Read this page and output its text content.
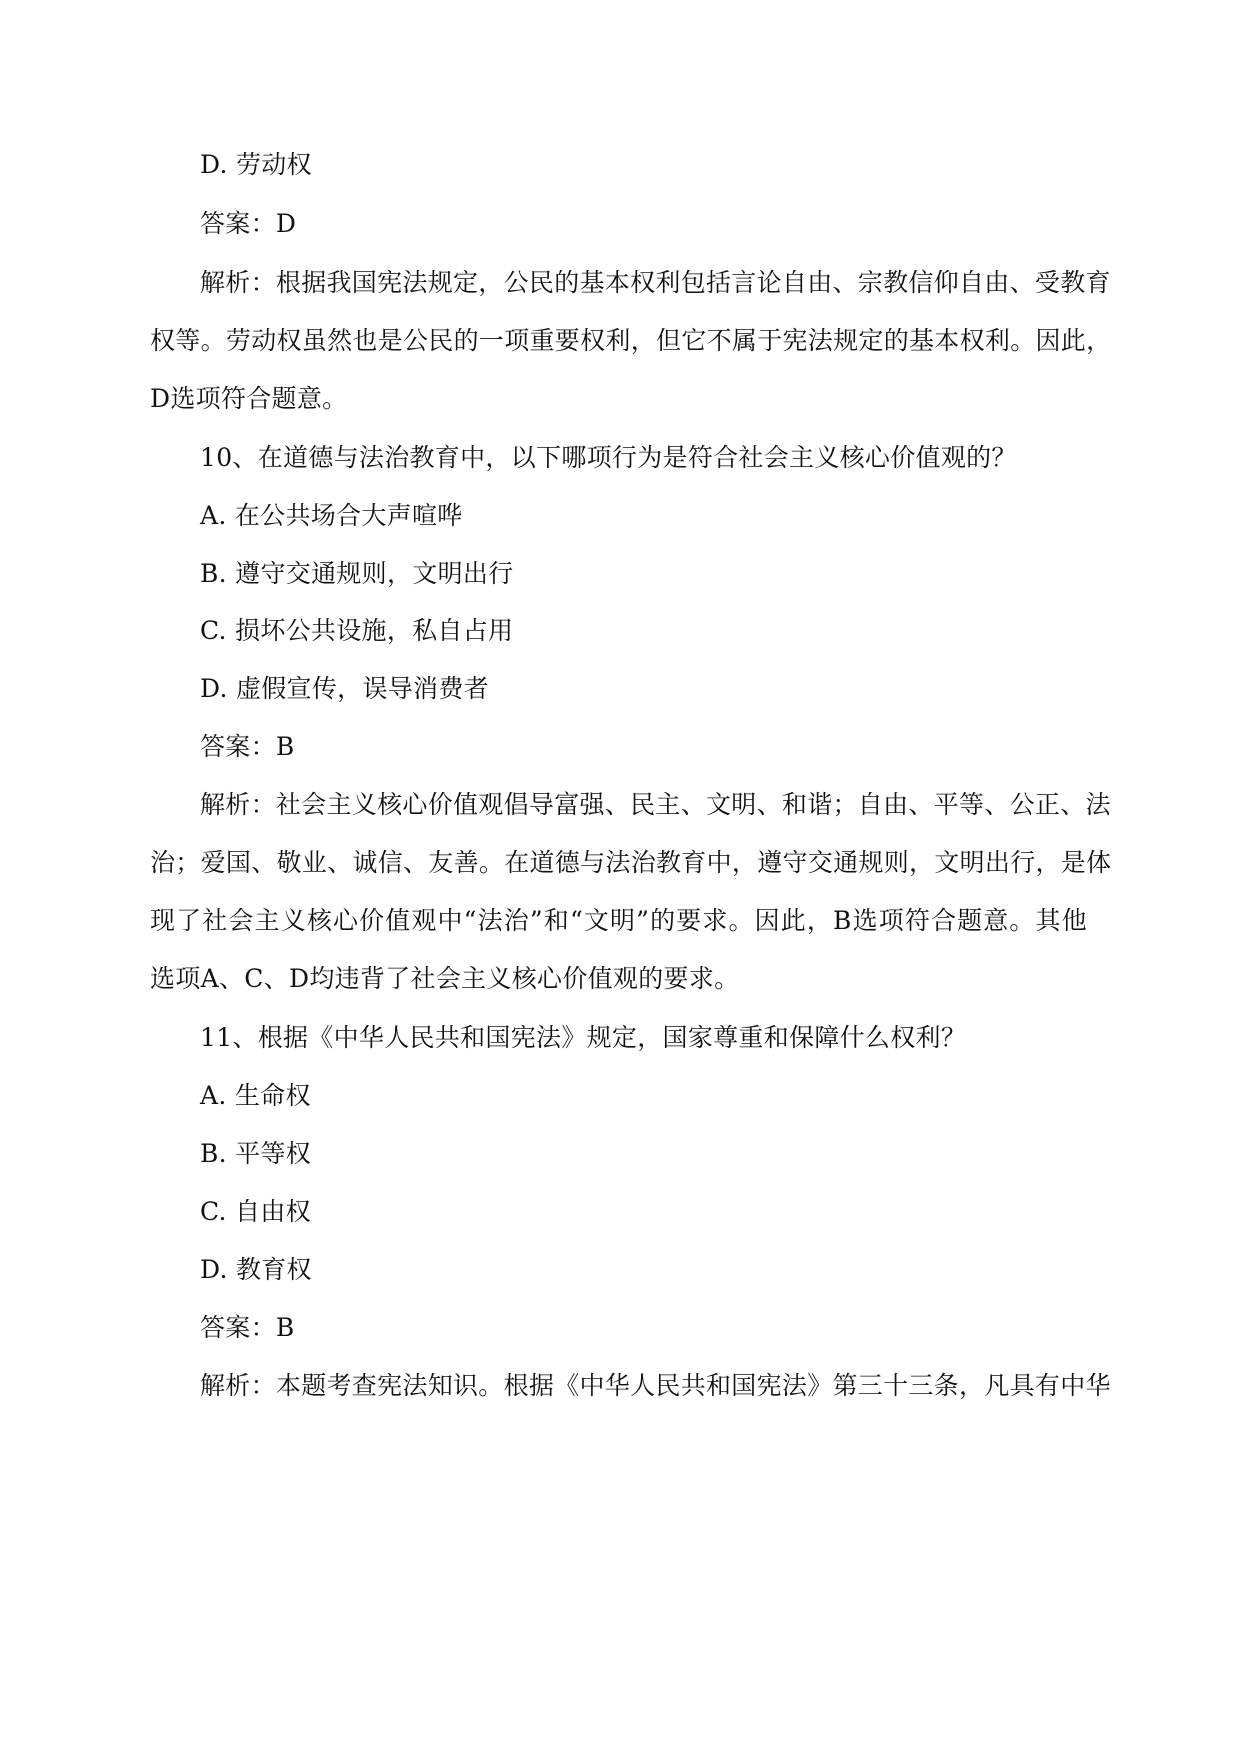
D. 劳动权
答案：D
解析：根据我国宪法规定，公民的基本权利包括言论自由、宗教信仰自由、受教育
权等。劳动权虽然也是公民的一项重要权利，但它不属于宪法规定的基本权利。因此，
D选项符合题意。
10、在道德与法治教育中，以下哪项行为是符合社会主义核心价值观的？
A. 在公共场合大声喧哗
B. 遵守交通规则，文明出行
C. 损坏公共设施，私自占用
D. 虚假宣传，误导消费者
答案：B
解析：社会主义核心价值观倡导富强、民主、文明、和谐；自由、平等、公正、法
治；爱国、敬业、诚信、友善。在道德与法治教育中，遵守交通规则，文明出行，是体
现了社会主义核心价值观中“法治”和“文明”的要求。因此，B选项符合题意。其他
选项A、C、D均违背了社会主义核心价值观的要求。
11、根据《中华人民共和国宪法》规定，国家尊重和保障什么权利？
A. 生命权
B. 平等权
C. 自由权
D. 教育权
答案：B
解析：本题考查宪法知识。根据《中华人民共和国宪法》第三十三条，凡具有中华
